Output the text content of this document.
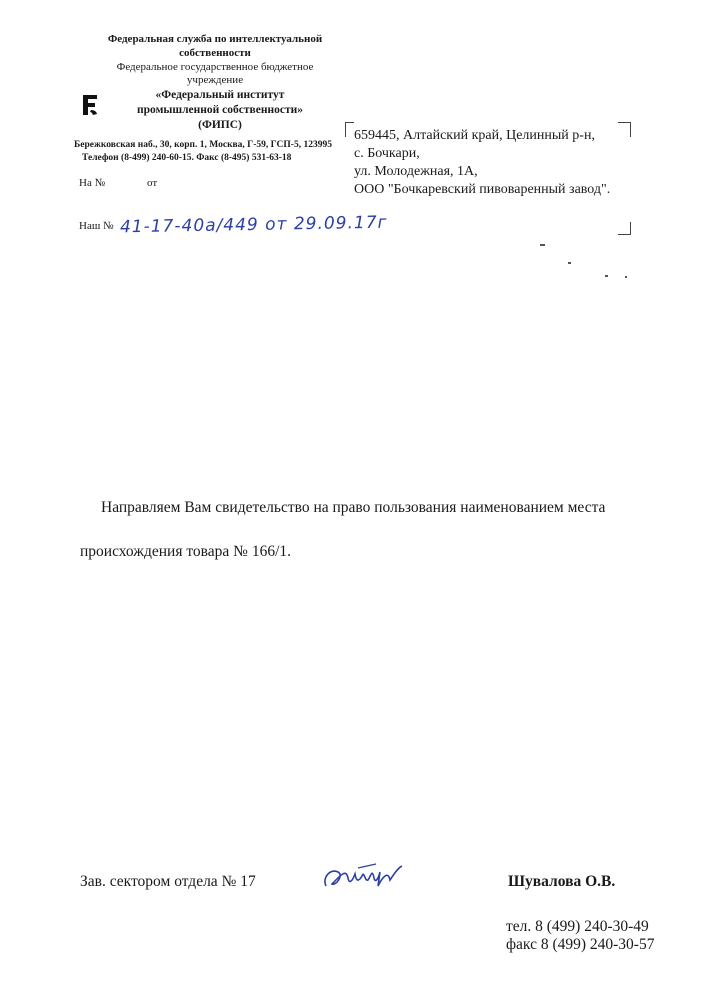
Федеральная служба по интеллектуальной
собственности
Федеральное государственное бюджетное
учреждение
«Федеральный институт
промышленной собственности»
(ФИПС)
Бережковская наб., 30, корп. 1, Москва, Г-59, ГСП-5, 123995
Телефон (8-499) 240-60-15. Факс (8-495) 531-63-18
На №	от
Наш № 41-17-40а/449 от 29.09.17г
659445, Алтайский край, Целинный р-н,
с. Бочкари,
ул. Молодежная, 1А,
ООО "Бочкаревский пивоваренный завод".
Направляем Вам свидетельство на право пользования наименованием места
происхождения товара № 166/1.
Зав. сектором отдела № 17	Шувалова О.В.
тел. 8 (499) 240-30-49
факс 8 (499) 240-30-57
